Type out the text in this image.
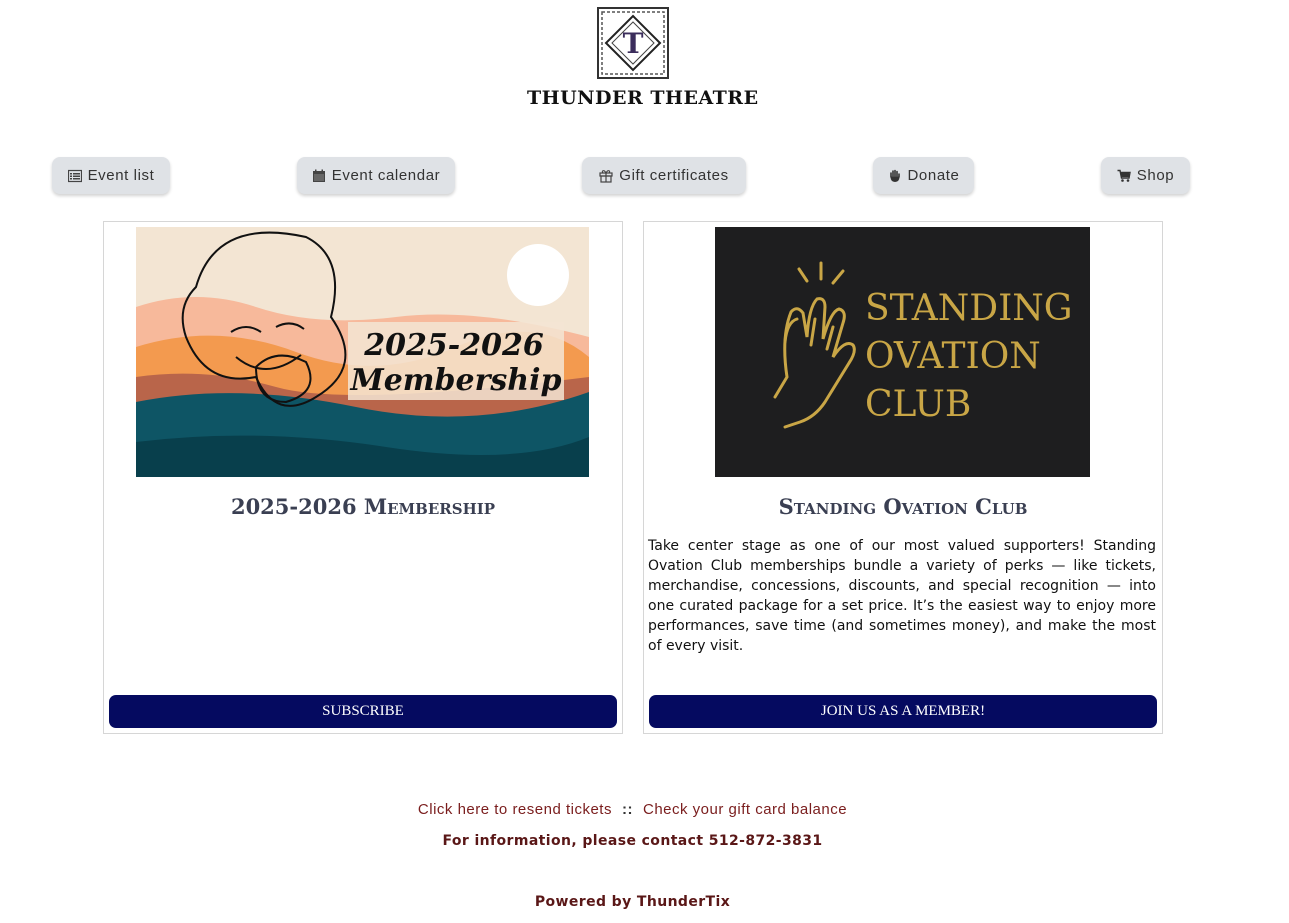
T
THUNDER THEATRE
Event list	Event calendar	Gift certificates	Donate	Shop
2025-2026
Membership
2025-2026 Membership
SUBSCRIBE
STANDING
OVATION
CLUB
Standing Ovation Club
Take center stage as one of our most valued supporters! Standing Ovation Club memberships bundle a variety of perks — like tickets, merchandise, concessions, discounts, and special recognition — into one curated package for a set price. It’s the easiest way to enjoy more performances, save time (and sometimes money), and make the most of every visit.
JOIN US AS A MEMBER!
Click here to resend tickets :: Check your gift card balance
For information, please contact 512-872-3831
Powered by ThunderTix
